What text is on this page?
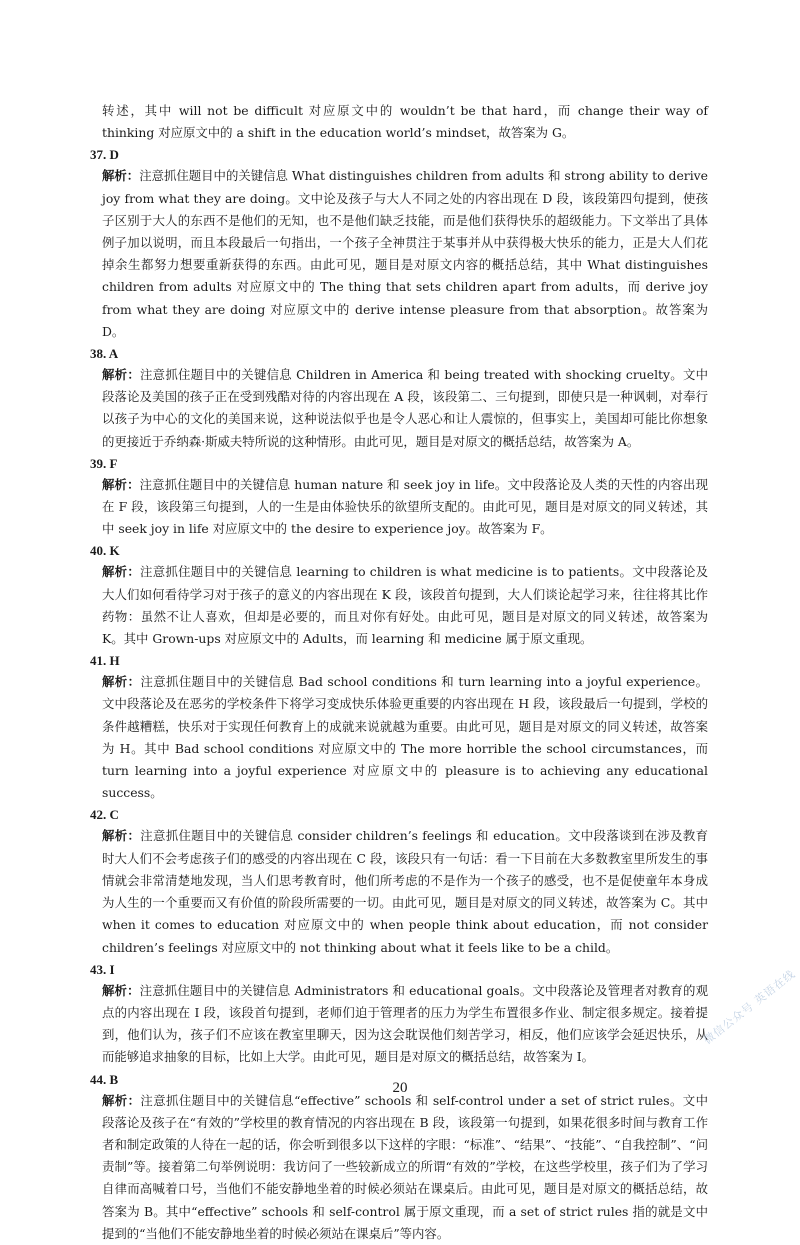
转述，其中 will not be difficult 对应原文中的 wouldn’t be that hard，而 change their way of thinking 对应原文中的 a shift in the education world’s mindset，故答案为 G。

37. D

解析：注意抓住题目中的关键信息 What distinguishes children from adults 和 strong ability to derive joy from what they are doing。文中论及孩子与大人不同之处的内容出现在 D 段，该段第四句提到，使孩子区别于大人的东西不是他们的无知，也不是他们缺乏技能，而是他们获得快乐的超级能力。下文举出了具体例子加以说明，而且本段最后一句指出，一个孩子全神贯注于某事并从中获得极大快乐的能力，正是大人们花掉余生都努力想要重新获得的东西。由此可见，题目是对原文内容的概括总结，其中 What distinguishes children from adults 对应原文中的 The thing that sets children apart from adults，而 derive joy from what they are doing 对应原文中的 derive intense pleasure from that absorption。故答案为 D。

38. A

解析：注意抓住题目中的关键信息 Children in America 和 being treated with shocking cruelty。文中段落论及美国的孩子正在受到残酷对待的内容出现在 A 段，该段第二、三句提到，即使只是一种讽刺，对奉行以孩子为中心的文化的美国来说，这种说法似乎也是令人恶心和让人震惊的，但事实上，美国却可能比你想象的更接近于乔纳森·斯威夫特所说的这种情形。由此可见，题目是对原文的概括总结，故答案为 A。

39. F

解析：注意抓住题目中的关键信息 human nature 和 seek joy in life。文中段落论及人类的天性的内容出现在 F 段，该段第三句提到，人的一生是由体验快乐的欲望所支配的。由此可见，题目是对原文的同义转述，其中 seek joy in life 对应原文中的 the desire to experience joy。故答案为 F。

40. K

解析：注意抓住题目中的关键信息 learning to children is what medicine is to patients。文中段落论及大人们如何看待学习对于孩子的意义的内容出现在 K 段，该段首句提到，大人们谈论起学习来，往往将其比作药物：虽然不让人喜欢，但却是必要的，而且对你有好处。由此可见，题目是对原文的同义转述，故答案为 K。其中 Grown-ups 对应原文中的 Adults，而 learning 和 medicine 属于原文重现。

41. H

解析：注意抓住题目中的关键信息 Bad school conditions 和 turn learning into a joyful experience。文中段落论及在恶劣的学校条件下将学习变成快乐体验更重要的内容出现在 H 段，该段最后一句提到，学校的条件越糟糕，快乐对于实现任何教育上的成就来说就越为重要。由此可见，题目是对原文的同义转述，故答案为 H。其中 Bad school conditions 对应原文中的 The more horrible the school circumstances，而 turn learning into a joyful experience 对应原文中的 pleasure is to achieving any educational success。

42. C

解析：注意抓住题目中的关键信息 consider children’s feelings 和 education。文中段落谈到在涉及教育时大人们不会考虑孩子们的感受的内容出现在 C 段，该段只有一句话：看一下目前在大多数教室里所发生的事情就会非常清楚地发现，当人们思考教育时，他们所考虑的不是作为一个孩子的感受，也不是促使童年本身成为人生的一个重要而又有价值的阶段所需要的一切。由此可见，题目是对原文的同义转述，故答案为 C。其中 when it comes to education 对应原文中的 when people think about education，而 not consider children’s feelings 对应原文中的 not thinking about what it feels like to be a child。

43. I

解析：注意抓住题目中的关键信息 Administrators 和 educational goals。文中段落论及管理者对教育的观点的内容出现在 I 段，该段首句提到，老师们迫于管理者的压力为学生布置很多作业、制定很多规定。接着提到，他们认为，孩子们不应该在教室里聊天，因为这会耽误他们刻苦学习，相反，他们应该学会延迟快乐，从而能够追求抽象的目标，比如上大学。由此可见，题目是对原文的概括总结，故答案为 I。

44. B

解析：注意抓住题目中的关键信息“effective” schools 和 self-control under a set of strict rules。文中段落论及孩子在“有效的”学校里的教育情况的内容出现在 B 段，该段第一句提到，如果花很多时间与教育工作者和制定政策的人待在一起的话，你会听到很多以下这样的字眼：“标准”、“结果”、“技能”、“自我控制”、“问责制”等。接着第二句举例说明：我访问了一些较新成立的所谓“有效的”学校，在这些学校里，孩子们为了学习自律而高喊着口号，当他们不能安静地坐着的时候必须站在课桌后。由此可见，题目是对原文的概括总结，故答案为 B。其中“effective” schools 和 self-control 属于原文重现，而 a set of strict rules 指的就是文中提到的“当他们不能安静地坐着的时候必须站在课桌后”等内容。

20
微信公众号 英语在线
